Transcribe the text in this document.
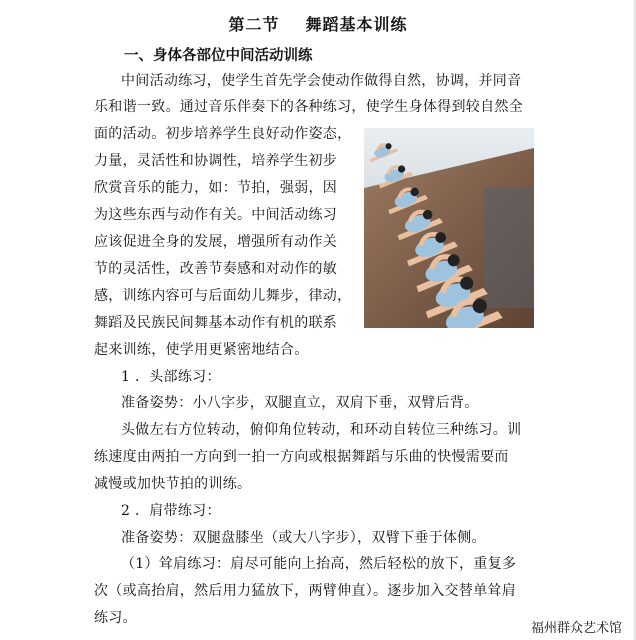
第二节 舞蹈基本训练
一、身体各部位中间活动训练
中间活动练习，使学生首先学会使动作做得自然，协调，并同音
乐和谐一致。通过音乐伴奏下的各种练习，使学生身体得到较自然全
面的活动。初步培养学生良好动作姿态，
力量，灵活性和协调性，培养学生初步
欣赏音乐的能力，如：节拍，强弱，因
为这些东西与动作有关。中间活动练习
应该促进全身的发展，增强所有动作关
节的灵活性，改善节奏感和对动作的敏
感，训练内容可与后面幼儿舞步，律动，
舞蹈及民族民间舞基本动作有机的联系
起来训练，使学用更紧密地结合。
1 ．头部练习：
准备姿势：小八字步，双腿直立，双肩下垂，双臂后背。
头做左右方位转动，俯仰角位转动，和环动自转位三种练习。训
练速度由两拍一方向到一拍一方向或根据舞蹈与乐曲的快慢需要而
减慢或加快节拍的训练。
2 ．肩带练习：
准备姿势：双腿盘膝坐（或大八字步），双臂下垂于体侧。
（1）耸肩练习：肩尽可能向上抬高，然后轻松的放下，重复多
次（或高抬肩，然后用力猛放下，两臂伸直）。逐步加入交替单耸肩
练习。
福州群众艺术馆
